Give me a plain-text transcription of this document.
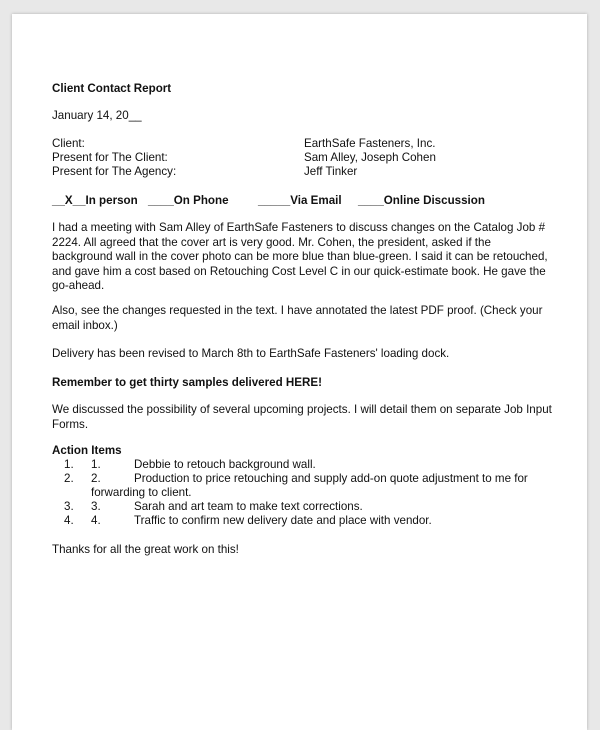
Client Contact Report
January 14, 20__
Client:	EarthSafe Fasteners, Inc.
Present for The Client:	Sam Alley, Joseph Cohen
Present for The Agency:	Jeff Tinker
__X__In person ____On Phone	_____Via Email ____Online Discussion
I had a meeting with Sam Alley of EarthSafe Fasteners to discuss changes on the Catalog Job # 2224. All agreed that the cover art is very good. Mr. Cohen, the president, asked if the background wall in the cover photo can be more blue than blue-green. I said it can be retouched, and gave him a cost based on Retouching Cost Level C in our quick-estimate book. He gave the go-ahead.
Also, see the changes requested in the text. I have annotated the latest PDF proof. (Check your email inbox.)
Delivery has been revised to March 8th to EarthSafe Fasteners' loading dock.
Remember to get thirty samples delivered HERE!
We discussed the possibility of several upcoming projects. I will detail them on separate Job Input Forms.
Action Items
1. 1.	Debbie to retouch background wall.
2. 2.	Production to price retouching and supply add-on quote adjustment to me for
forwarding to client.
3. 3.	Sarah and art team to make text corrections.
4. 4.	Traffic to confirm new delivery date and place with vendor.
Thanks for all the great work on this!
